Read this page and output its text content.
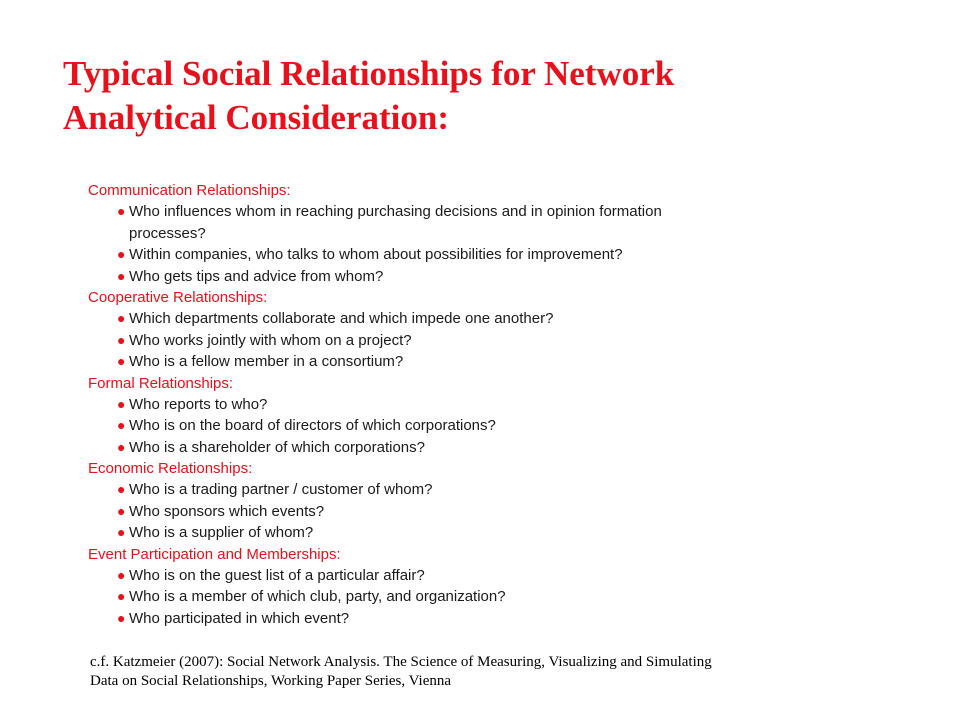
Typical Social Relationships for Network
Analytical Consideration:

Communication Relationships:

● Who influences whom in reaching purchasing decisions and in opinion formation
processes?
● Within companies, who talks to whom about possibilities for improvement?
● Who gets tips and advice from whom?

Cooperative Relationships:

● Which departments collaborate and which impede one another?
● Who works jointly with whom on a project?
● Who is a fellow member in a consortium?

Formal Relationships:

● Who reports to who?
● Who is on the board of directors of which corporations?
● Who is a shareholder of which corporations?

Economic Relationships:

● Who is a trading partner / customer of whom?
● Who sponsors which events?
● Who is a supplier of whom?

Event Participation and Memberships:

● Who is on the guest list of a particular affair?
● Who is a member of which club, party, and organization?
● Who participated in which event?
c.f. Katzmeier (2007): Social Network Analysis. The Science of Measuring, Visualizing and Simulating
Data on Social Relationships, Working Paper Series, Vienna
